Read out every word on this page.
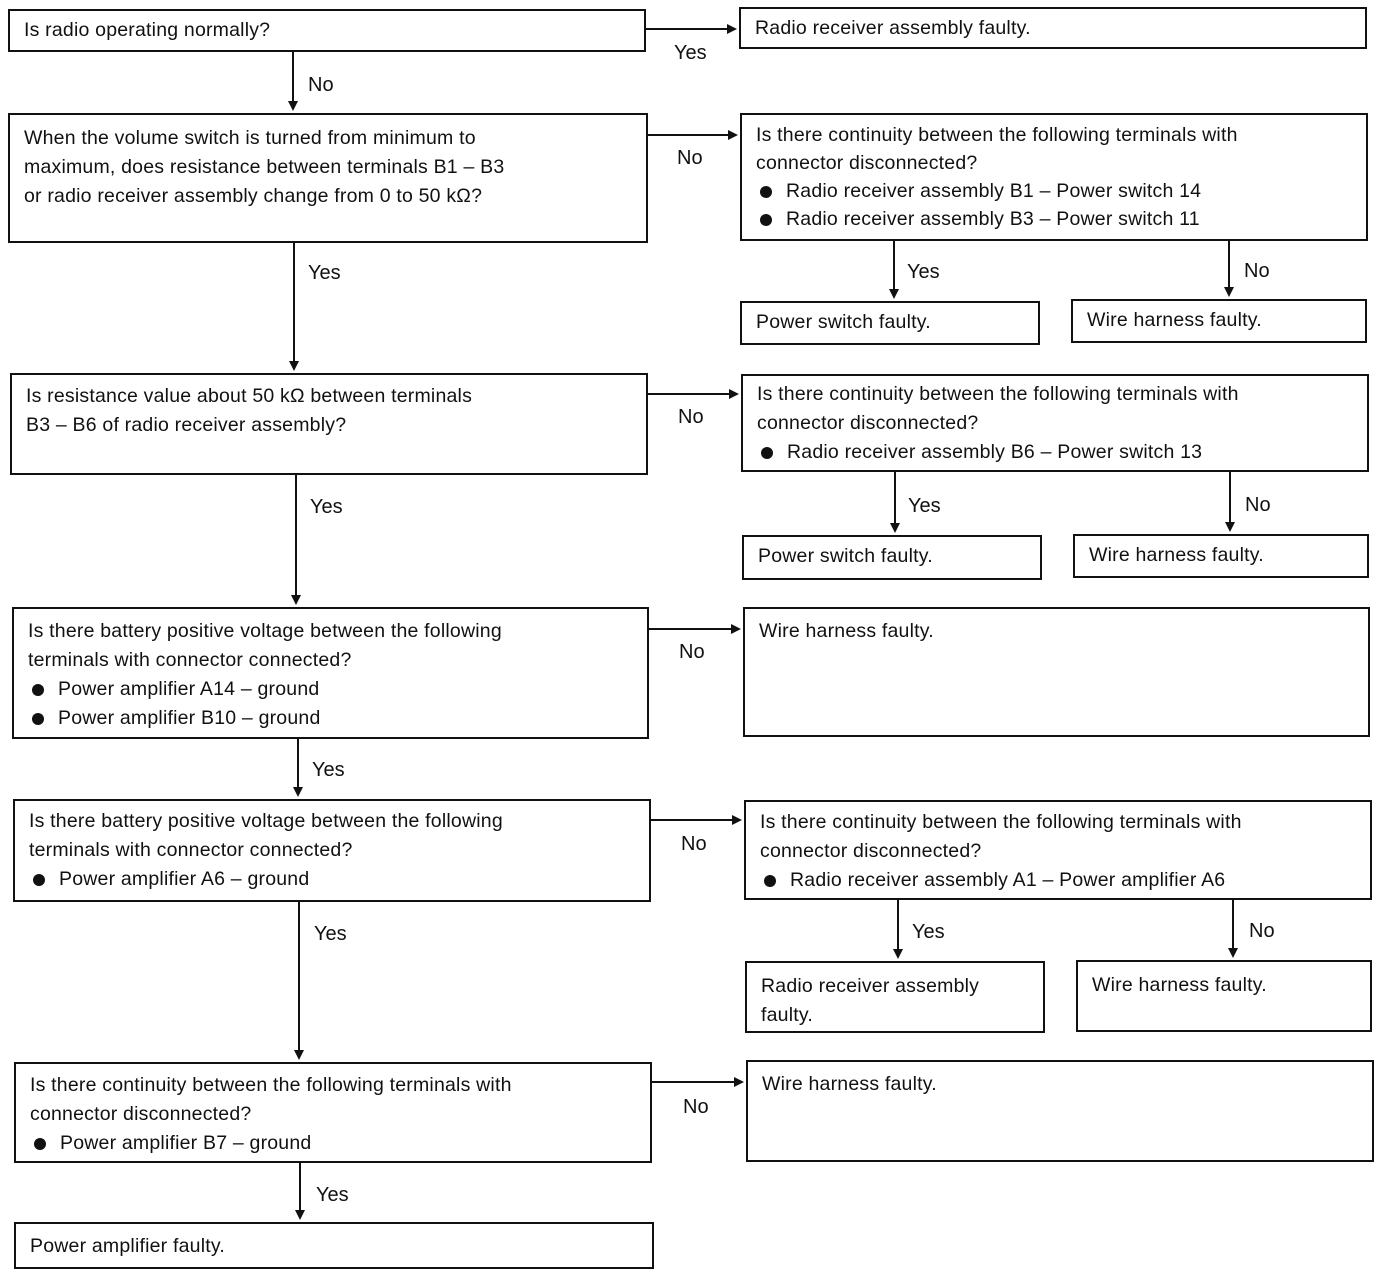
Is radio operating normally?	Radio receiver assembly faulty.

Yes
No

When the volume switch is turned from minimum to

maximum, does resistance between terminals B1 – B3

or radio receiver assembly change from 0 to 50 kΩ?

Is there continuity between the following terminals with

connector disconnected?

Radio receiver assembly B1 – Power switch 14
Radio receiver assembly B3 – Power switch 11
No
Yes	Yes	No

Power switch faulty.	Wire harness faulty.

Is resistance value about 50 kΩ between terminals

B3 – B6 of radio receiver assembly?

Is there continuity between the following terminals with

connector disconnected?

Radio receiver assembly B6 – Power switch 13
No
Yes	Yes	No

Power switch faulty.	Wire harness faulty.

Is there battery positive voltage between the following

terminals with connector connected?

Power amplifier A14 – ground
Power amplifier B10 – ground

Wire harness faulty.

No
Yes

Is there battery positive voltage between the following

terminals with connector connected?

Power amplifier A6 – ground

Is there continuity between the following terminals with

connector disconnected?

Radio receiver assembly A1 – Power amplifier A6
No
Yes	Yes	No

Radio receiver assembly

faulty.

Wire harness faulty.

Is there continuity between the following terminals with

connector disconnected?

Power amplifier B7 – ground

Wire harness faulty.

No
Yes

Power amplifier faulty.
